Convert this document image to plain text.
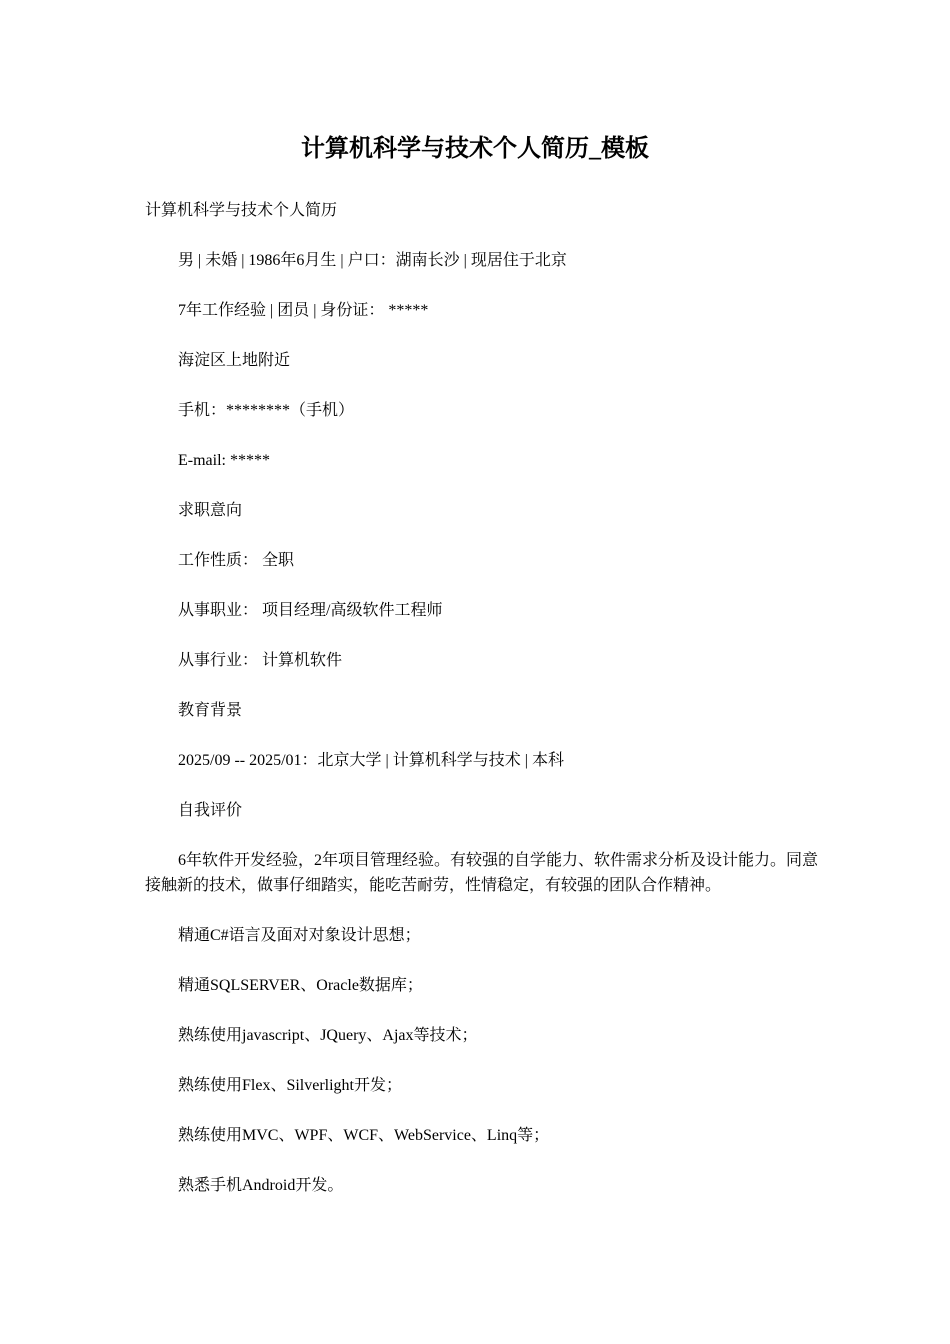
计算机科学与技术个人简历_模板

计算机科学与技术个人简历

男 | 未婚 | 1986年6月生 | 户口：湖南长沙 | 现居住于北京

7年工作经验 | 团员 | 身份证： *****

海淀区上地附近

手机：********（手机）

E-mail: *****

求职意向

工作性质： 全职

从事职业： 项目经理/高级软件工程师

从事行业： 计算机软件

教育背景

2025/09 -- 2025/01：北京大学 | 计算机科学与技术 | 本科

自我评价

6年软件开发经验，2年项目管理经验。有较强的自学能力、软件需求分析及设计能力。同意接触新的技术，做事仔细踏实，能吃苦耐劳，性情稳定，有较强的团队合作精神。

精通C#语言及面对对象设计思想；

精通SQLSERVER、Oracle数据库；

熟练使用javascript、JQuery、Ajax等技术；

熟练使用Flex、Silverlight开发；

熟练使用MVC、WPF、WCF、WebService、Linq等；

熟悉手机Android开发。
